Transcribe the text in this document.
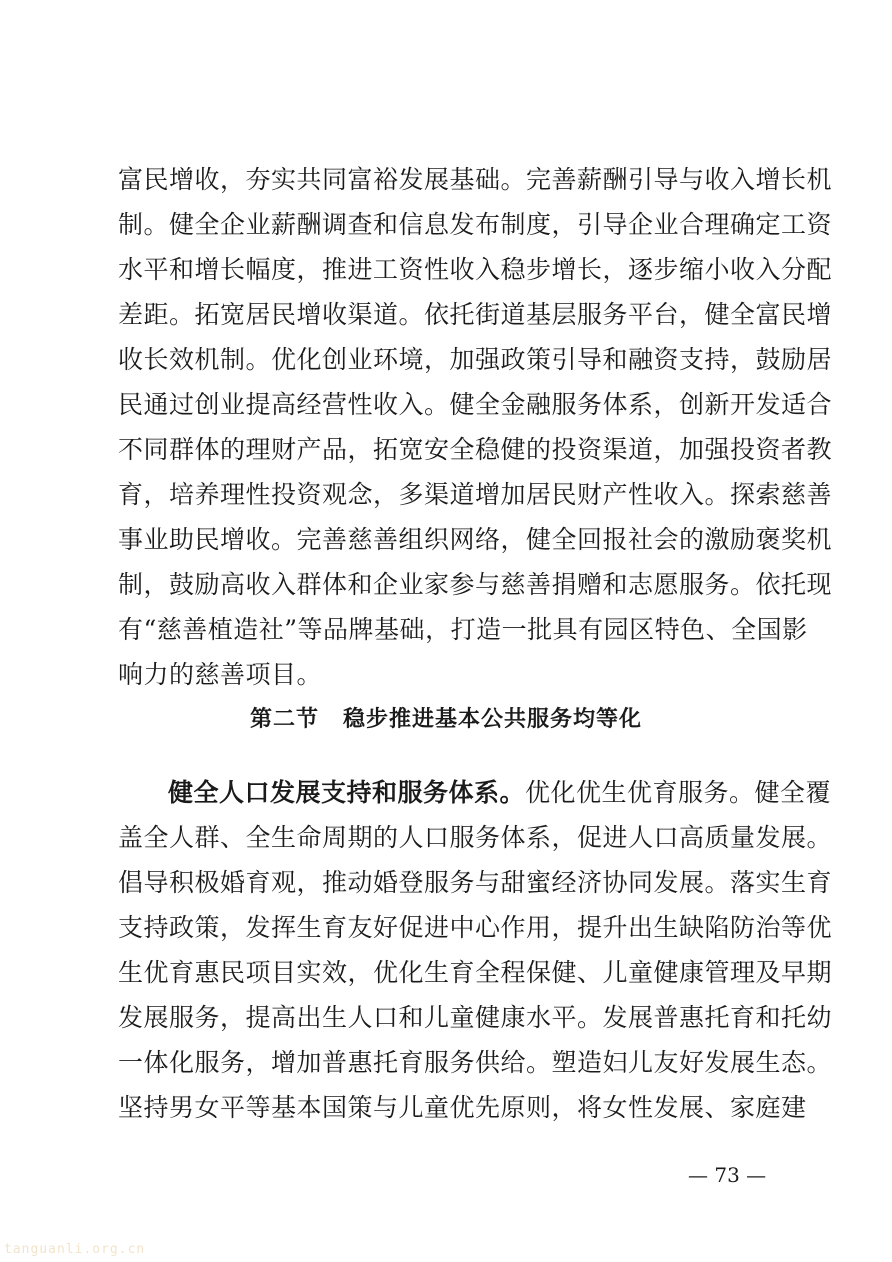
富民增收，夯实共同富裕发展基础。完善薪酬引导与收入增长机
制。健全企业薪酬调查和信息发布制度，引导企业合理确定工资
水平和增长幅度，推进工资性收入稳步增长，逐步缩小收入分配
差距。拓宽居民增收渠道。依托街道基层服务平台，健全富民增
收长效机制。优化创业环境，加强政策引导和融资支持，鼓励居
民通过创业提高经营性收入。健全金融服务体系，创新开发适合
不同群体的理财产品，拓宽安全稳健的投资渠道，加强投资者教
育，培养理性投资观念，多渠道增加居民财产性收入。探索慈善
事业助民增收。完善慈善组织网络，健全回报社会的激励褒奖机
制，鼓励高收入群体和企业家参与慈善捐赠和志愿服务。依托现
有“慈善植造社”等品牌基础，打造一批具有园区特色、全国影
响力的慈善项目。
第二节 稳步推进基本公共服务均等化
健全人口发展支持和服务体系。优化优生优育服务。健全覆
盖全人群、全生命周期的人口服务体系，促进人口高质量发展。
倡导积极婚育观，推动婚登服务与甜蜜经济协同发展。落实生育
支持政策，发挥生育友好促进中心作用，提升出生缺陷防治等优
生优育惠民项目实效，优化生育全程保健、儿童健康管理及早期
发展服务，提高出生人口和儿童健康水平。发展普惠托育和托幼
一体化服务，增加普惠托育服务供给。塑造妇儿友好发展生态。
坚持男女平等基本国策与儿童优先原则，将女性发展、家庭建
— 73 —
tanguanli.org.cn
